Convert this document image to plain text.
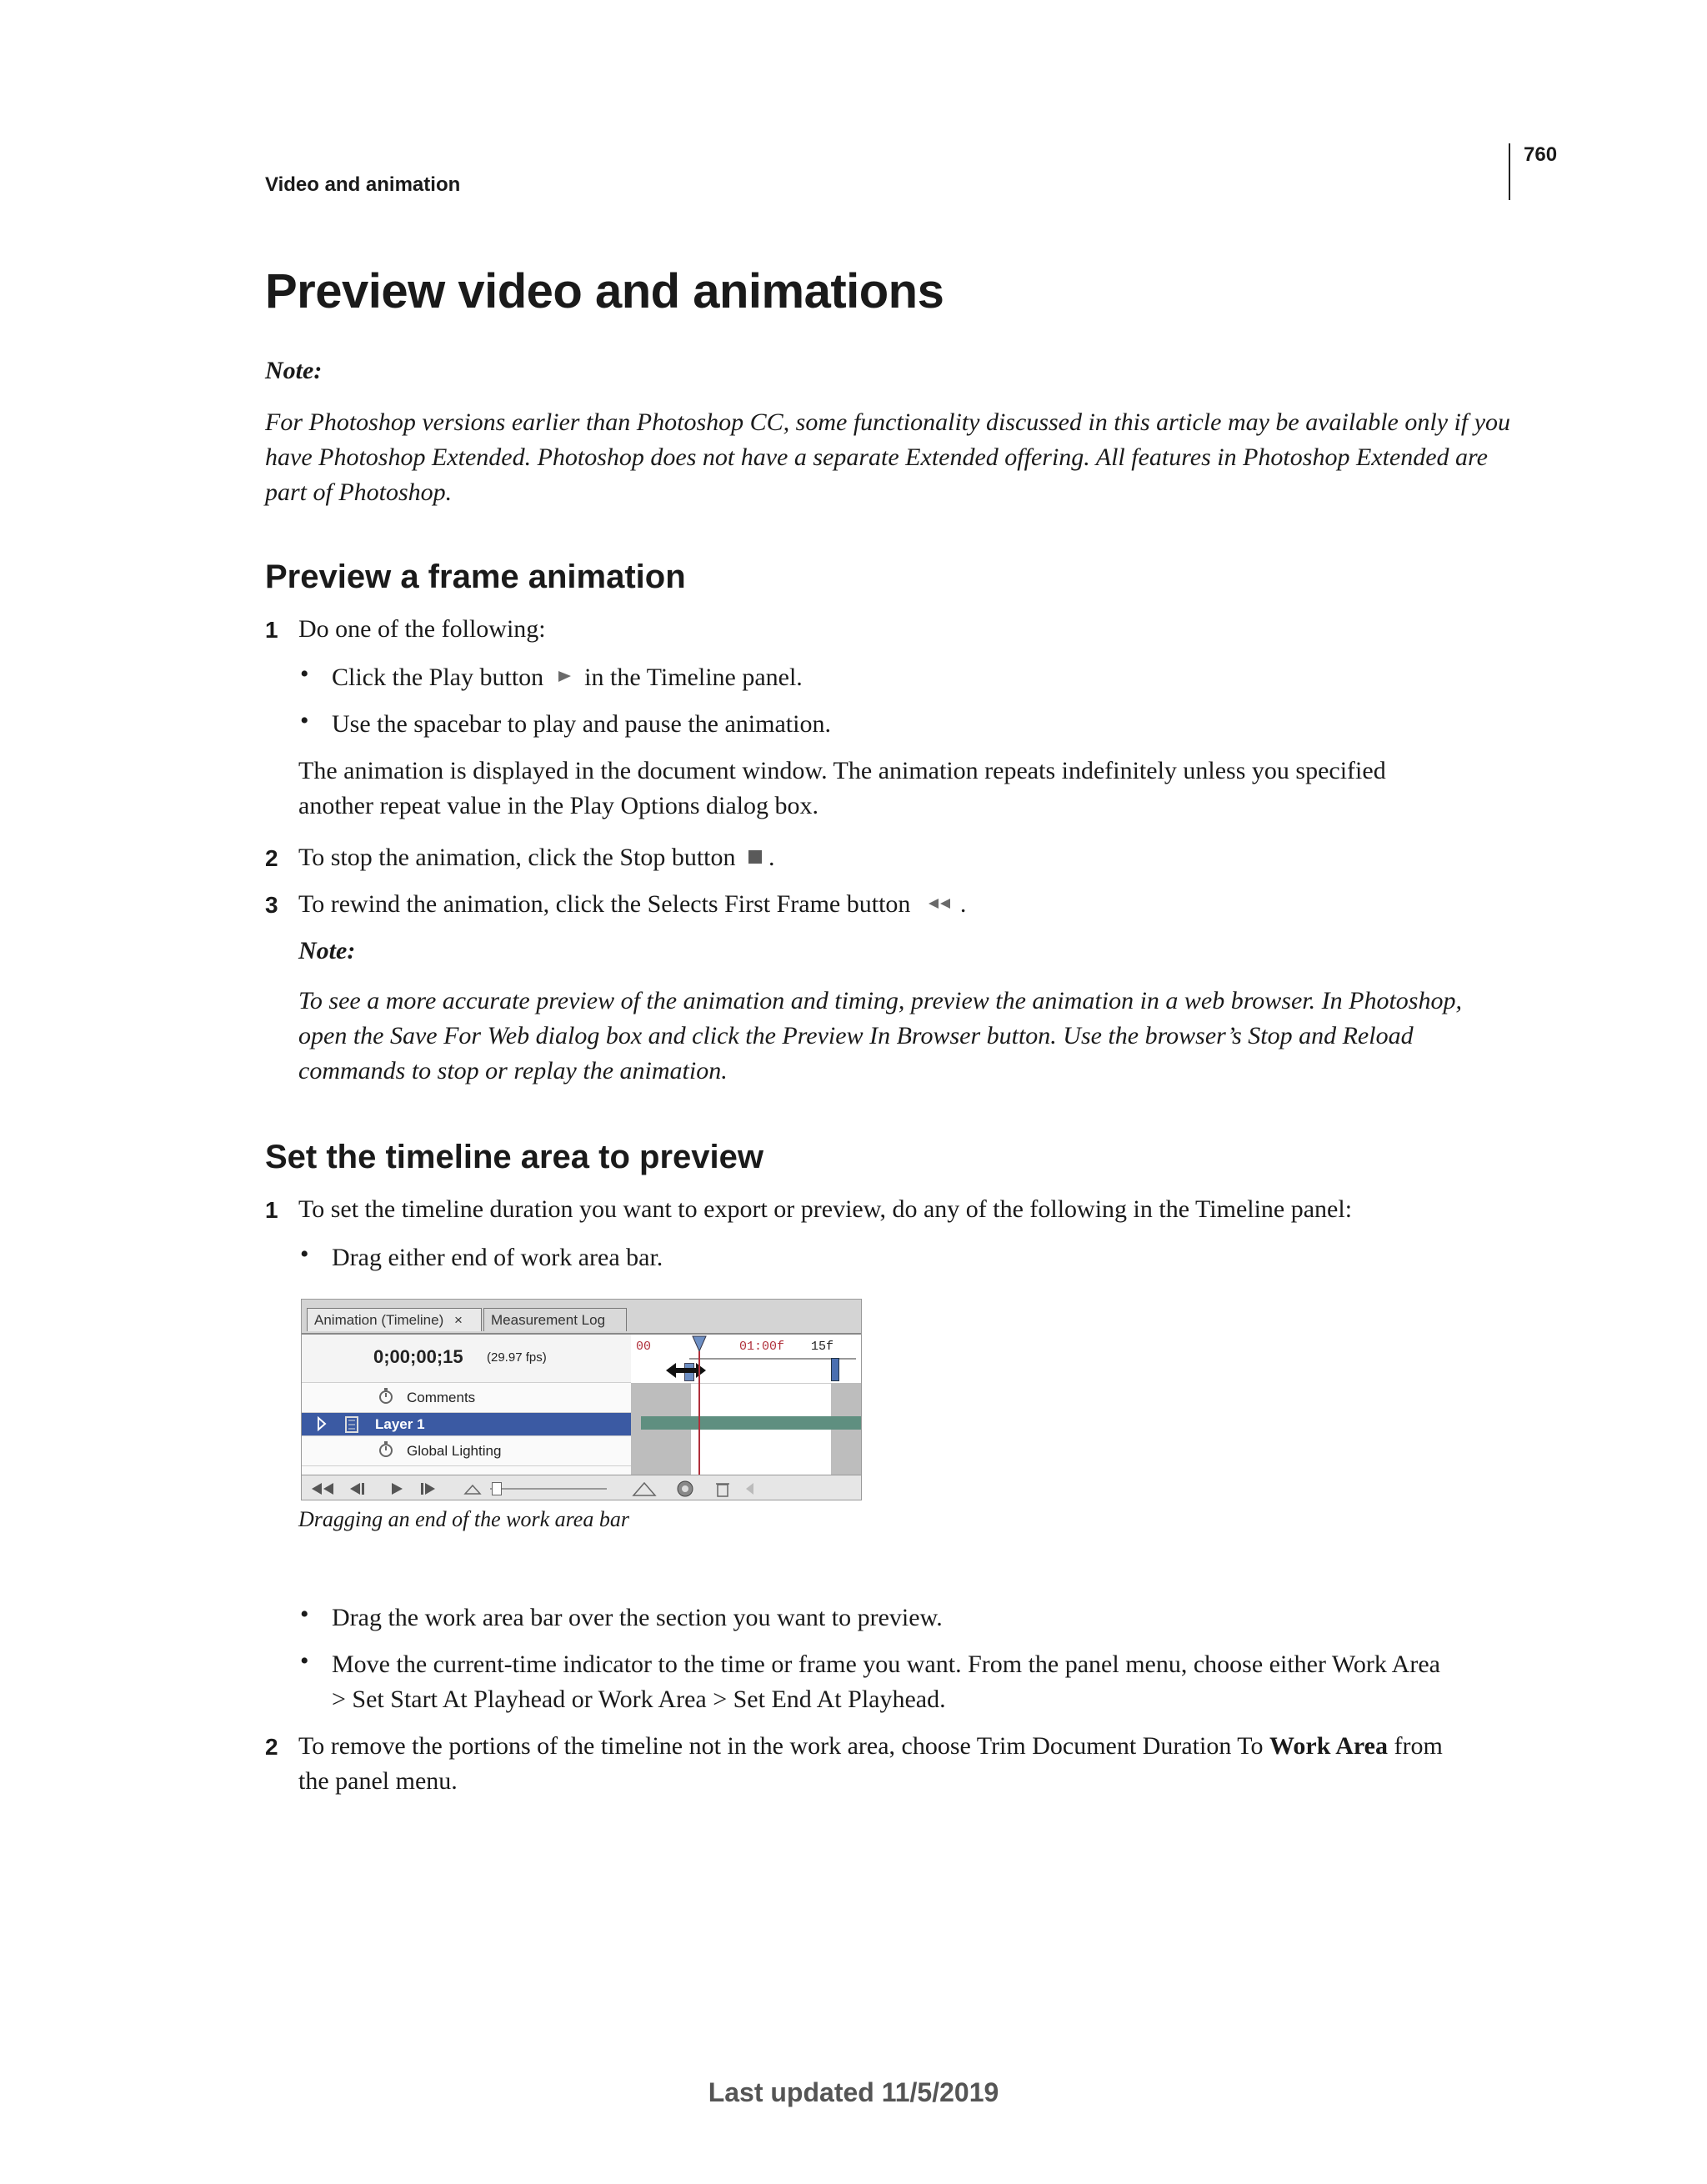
760
Video and animation
Preview video and animations
Note:
For Photoshop versions earlier than Photoshop CC, some functionality discussed in this article may be available only if you
have Photoshop Extended. Photoshop does not have a separate Extended offering. All features in Photoshop Extended are
part of Photoshop.
Preview a frame animation
1 Do one of the following:
• Click the Play button in the Timeline panel.
• Use the spacebar to play and pause the animation.
The animation is displayed in the document window. The animation repeats indefinitely unless you specified
another repeat value in the Play Options dialog box.
2 To stop the animation, click the Stop button .
3 To rewind the animation, click the Selects First Frame button .
Note:
To see a more accurate preview of the animation and timing, preview the animation in a web browser. In Photoshop,
open the Save For Web dialog box and click the Preview In Browser button. Use the browser’s Stop and Reload
commands to stop or replay the animation.
Set the timeline area to preview
1 To set the timeline duration you want to export or preview, do any of the following in the Timeline panel:
• Drag either end of work area bar.
Animation (Timeline) ×	Measurement Log
0;00;00;15 (29.97 fps)
Comments
Layer 1
Global Lighting
00	01:00f 15f
Dragging an end of the work area bar
• Drag the work area bar over the section you want to preview.
• Move the current-time indicator to the time or frame you want. From the panel menu, choose either Work Area
> Set Start At Playhead or Work Area > Set End At Playhead.
2 To remove the portions of the timeline not in the work area, choose Trim Document Duration To Work Area from
the panel menu.
Last updated 11/5/2019
